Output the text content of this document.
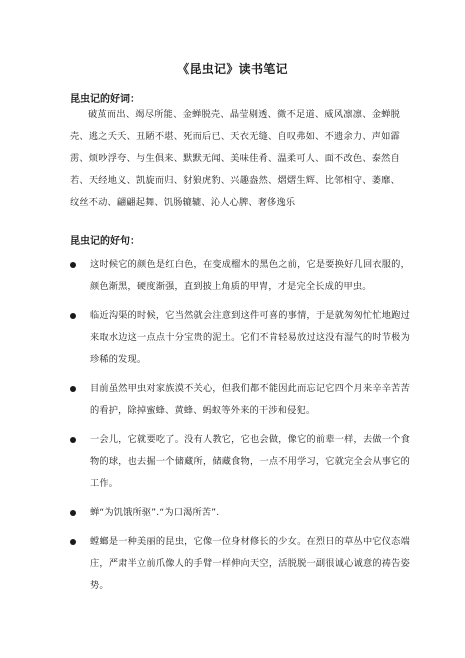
《昆虫记》读书笔记
昆虫记的好词：
破茧而出、竭尽所能、金蝉脱壳、晶莹剔透、微不足道、威风凛凛、金蝉脱壳、逃之夭夭、丑陋不堪、死而后已、天衣无缝、自叹弗如、不遗余力、声如霹雳、烦吵浮夸、与生俱来、默默无闻、美味佳肴、温柔可人、面不改色、泰然自若、天经地义、凯旋而归、豺狼虎豹、兴趣盎然、熠熠生辉、比邻相守、萎靡、纹丝不动、翩翩起舞、饥肠辘辘、沁人心脾、奢侈逸乐
昆虫记的好句：
这时候它的颜色是红白色，在变成榴木的黑色之前，它是要换好几回衣服的，颜色渐黑，硬度渐强，直到披上角质的甲胄，才是完全长成的甲虫。
临近沟渠的时候，它当然就会注意到这件可喜的事情，于是就匆匆忙忙地跑过来取水边这一点点十分宝贵的泥土。它们不肯轻易放过这没有湿气的时节极为珍稀的发现。
目前虽然甲虫对家族漠不关心，但我们都不能因此而忘记它四个月来辛辛苦苦的看护，除掉蜜蜂、黄蜂、蚂蚁等外来的干涉和侵犯。
一会儿，它就要吃了。没有人教它，它也会做，像它的前辈一样，去做一个食物的球，也去掘一个储藏所，储藏食物，一点不用学习，它就完全会从事它的工作。
蝉“为饥饿所驱”.“为口渴所苦”.
螳螂是一种美丽的昆虫，它像一位身材修长的少女。在烈日的草丛中它仪态端庄，严肃半立前爪像人的手臂一样伸向天空，活脱脱一副很诚心诚意的祷告姿势。
